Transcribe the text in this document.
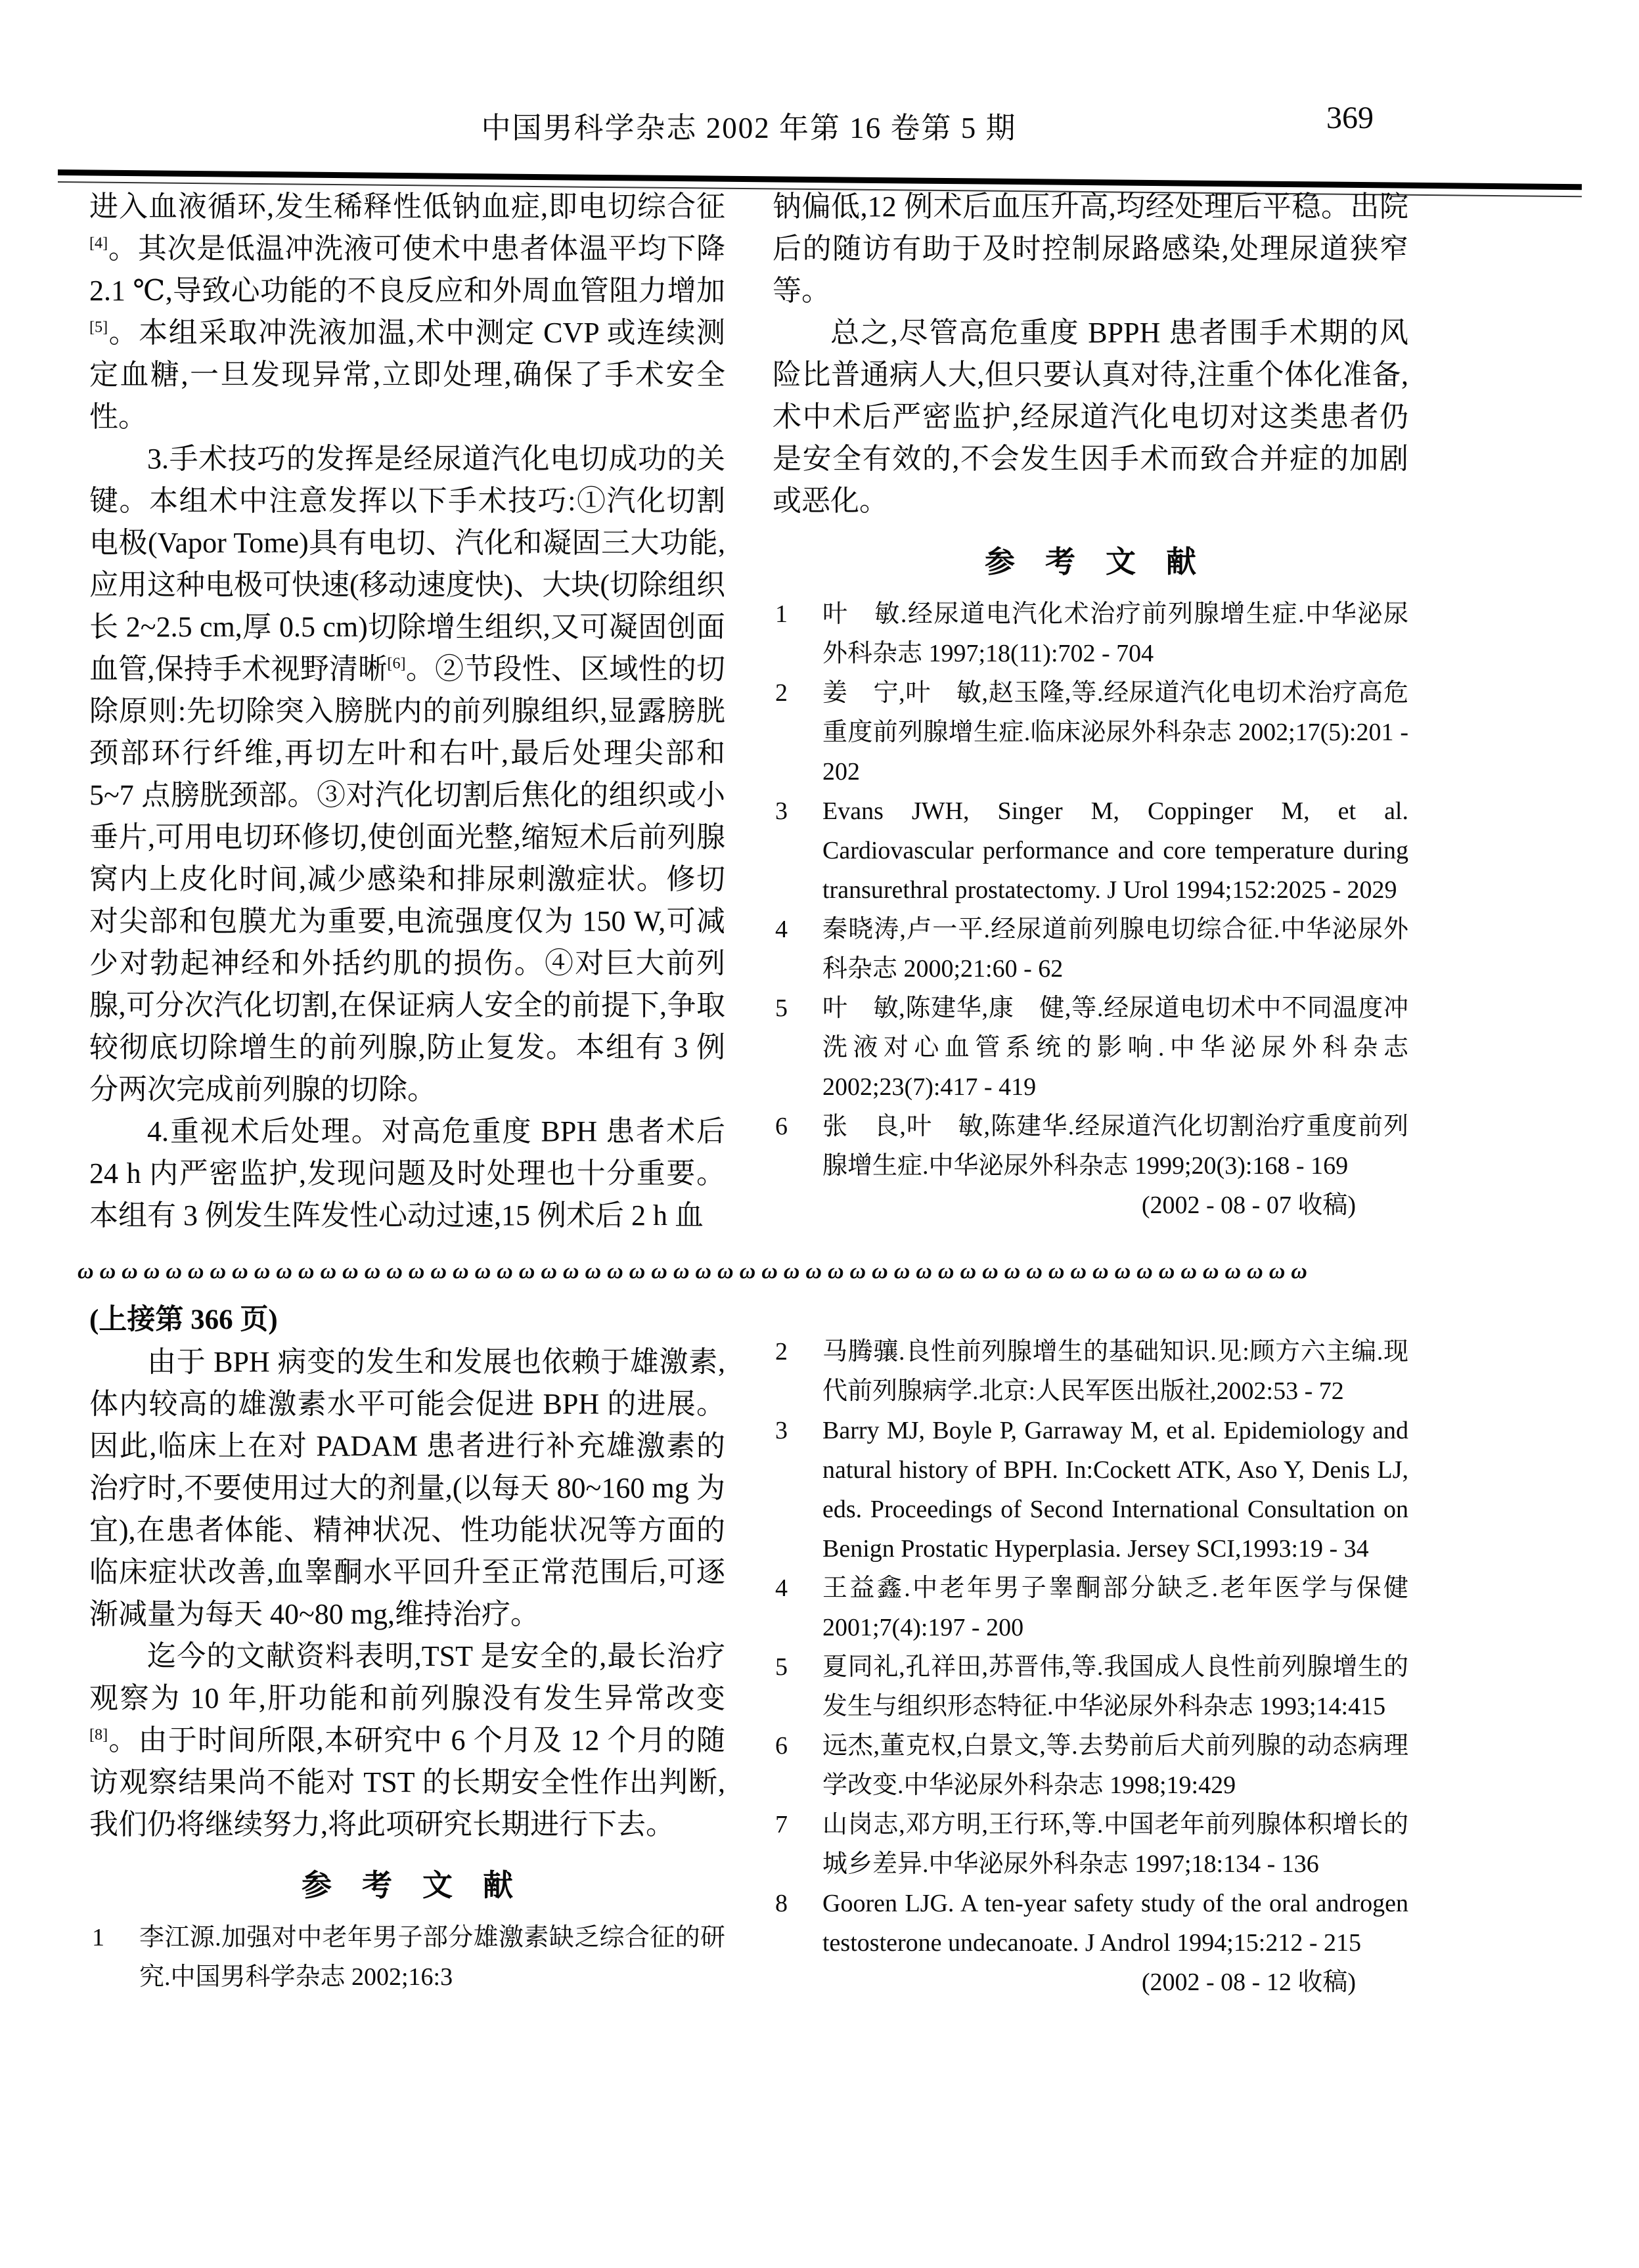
中国男科学杂志 2002 年第 16 卷第 5 期	369

进入血液循环,发生稀释性低钠血症,即电切综合征[4]。其次是低温冲洗液可使术中患者体温平均下降 2.1 ℃,导致心功能的不良反应和外周血管阻力增加[5]。本组采取冲洗液加温,术中测定 CVP 或连续测定血糖,一旦发现异常,立即处理,确保了手术安全性。

3.手术技巧的发挥是经尿道汽化电切成功的关键。本组术中注意发挥以下手术技巧:①汽化切割电极(Vapor Tome)具有电切、汽化和凝固三大功能,应用这种电极可快速(移动速度快)、大块(切除组织长 2~2.5 cm,厚 0.5 cm)切除增生组织,又可凝固创面血管,保持手术视野清晰[6]。②节段性、区域性的切除原则:先切除突入膀胱内的前列腺组织,显露膀胱颈部环行纤维,再切左叶和右叶,最后处理尖部和 5~7 点膀胱颈部。③对汽化切割后焦化的组织或小垂片,可用电切环修切,使创面光整,缩短术后前列腺窝内上皮化时间,减少感染和排尿刺激症状。修切对尖部和包膜尤为重要,电流强度仅为 150 W,可减少对勃起神经和外括约肌的损伤。④对巨大前列腺,可分次汽化切割,在保证病人安全的前提下,争取较彻底切除增生的前列腺,防止复发。本组有 3 例分两次完成前列腺的切除。

4.重视术后处理。对高危重度 BPH 患者术后 24 h 内严密监护,发现问题及时处理也十分重要。本组有 3 例发生阵发性心动过速,15 例术后 2 h 血

钠偏低,12 例术后血压升高,均经处理后平稳。出院后的随访有助于及时控制尿路感染,处理尿道狭窄等。

总之,尽管高危重度 BPPH 患者围手术期的风险比普通病人大,但只要认真对待,注重个体化准备,术中术后严密监护,经尿道汽化电切对这类患者仍是安全有效的,不会发生因手术而致合并症的加剧或恶化。

参　考　文　献
1 叶　敏.经尿道电汽化术治疗前列腺增生症.中华泌尿外科杂志 1997;18(11):702 - 704
2 姜　宁,叶　敏,赵玉隆,等.经尿道汽化电切术治疗高危重度前列腺增生症.临床泌尿外科杂志 2002;17(5):201 - 202
3 Evans JWH, Singer M, Coppinger M, et al. Cardiovascular performance and core temperature during transurethral prostatectomy. J Urol 1994;152:2025 - 2029
4 秦晓涛,卢一平.经尿道前列腺电切综合征.中华泌尿外科杂志 2000;21:60 - 62
5 叶　敏,陈建华,康　健,等.经尿道电切术中不同温度冲洗液对心血管系统的影响.中华泌尿外科杂志 2002;23(7):417 - 419
6 张　良,叶　敏,陈建华.经尿道汽化切割治疗重度前列腺增生症.中华泌尿外科杂志 1999;20(3):168 - 169
(2002 - 08 - 07 收稿)
ωωωωωωωωωωωωωωωωωωωωωωωωωωωωωωωωωωωωωωωωωωωωωωωωωωωωωωωω
(上接第 366 页)

由于 BPH 病变的发生和发展也依赖于雄激素,体内较高的雄激素水平可能会促进 BPH 的进展。因此,临床上在对 PADAM 患者进行补充雄激素的治疗时,不要使用过大的剂量,(以每天 80~160 mg 为宜),在患者体能、精神状况、性功能状况等方面的临床症状改善,血睾酮水平回升至正常范围后,可逐渐减量为每天 40~80 mg,维持治疗。

迄今的文献资料表明,TST 是安全的,最长治疗观察为 10 年,肝功能和前列腺没有发生异常改变[8]。由于时间所限,本研究中 6 个月及 12 个月的随访观察结果尚不能对 TST 的长期安全性作出判断,我们仍将继续努力,将此项研究长期进行下去。

参　考　文　献
1 李江源.加强对中老年男子部分雄激素缺乏综合征的研究.中国男科学杂志 2002;16:3
2 马腾骧.良性前列腺增生的基础知识.见:顾方六主编.现代前列腺病学.北京:人民军医出版社,2002:53 - 72
3 Barry MJ, Boyle P, Garraway M, et al. Epidemiology and natural history of BPH. In:Cockett ATK, Aso Y, Denis LJ, eds. Proceedings of Second International Consultation on Benign Prostatic Hyperplasia. Jersey SCI,1993:19 - 34
4 王益鑫.中老年男子睾酮部分缺乏.老年医学与保健 2001;7(4):197 - 200
5 夏同礼,孔祥田,苏晋伟,等.我国成人良性前列腺增生的发生与组织形态特征.中华泌尿外科杂志 1993;14:415
6 远杰,董克权,白景文,等.去势前后犬前列腺的动态病理学改变.中华泌尿外科杂志 1998;19:429
7 山岗志,邓方明,王行环,等.中国老年前列腺体积增长的城乡差异.中华泌尿外科杂志 1997;18:134 - 136
8 Gooren LJG. A ten-year safety study of the oral androgen testosterone undecanoate. J Androl 1994;15:212 - 215
(2002 - 08 - 12 收稿)
